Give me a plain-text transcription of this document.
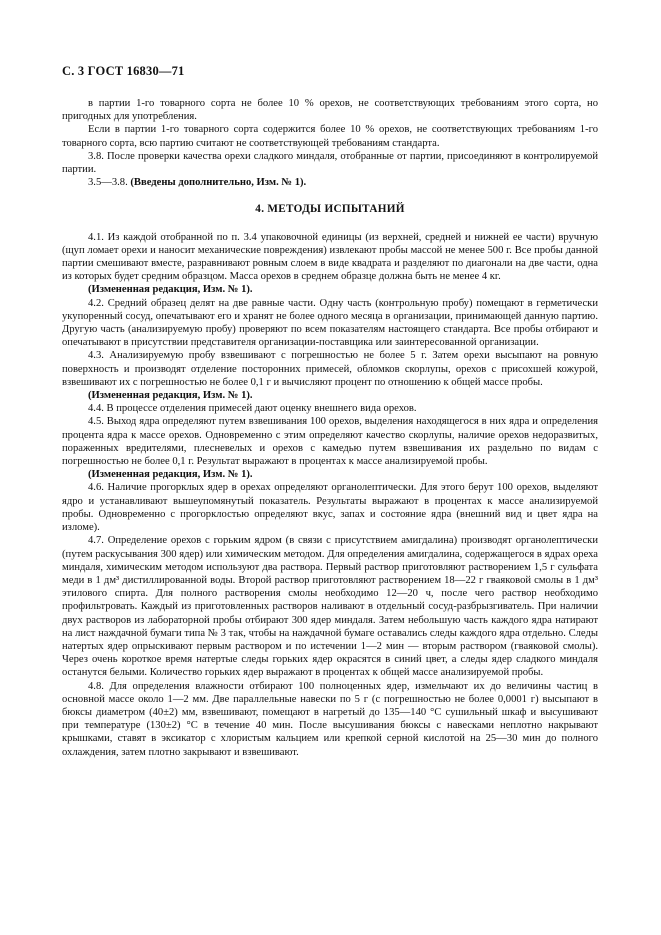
С. 3 ГОСТ 16830—71

в партии 1-го товарного сорта не более 10 % орехов, не соответствующих требованиям этого сорта, но пригодных для употребления.

Если в партии 1-го товарного сорта содержится более 10 % орехов, не соответствующих требованиям 1-го товарного сорта, всю партию считают не соответствующей требованиям стандарта.

3.8. После проверки качества орехи сладкого миндаля, отобранные от партии, присоединяют в контролируемой партии.

3.5—3.8. (Введены дополнительно, Изм. № 1).

4. МЕТОДЫ ИСПЫТАНИЙ

4.1. Из каждой отобранной по п. 3.4 упаковочной единицы (из верхней, средней и нижней ее части) вручную (щуп ломает орехи и наносит механические повреждения) извлекают пробы массой не менее 500 г. Все пробы данной партии смешивают вместе, разравнивают ровным слоем в виде квадрата и разделяют по диагонали на две части, одна из которых будет средним образцом. Масса орехов в среднем образце должна быть не менее 4 кг.

(Измененная редакция, Изм. № 1).

4.2. Средний образец делят на две равные части. Одну часть (контрольную пробу) помещают в герметически укупоренный сосуд, опечатывают его и хранят не более одного месяца в организации, принимающей данную партию. Другую часть (анализируемую пробу) проверяют по всем показателям настоящего стандарта. Все пробы отбирают и опечатывают в присутствии представителя организации-поставщика или заинтересованной организации.

4.3. Анализируемую пробу взвешивают с погрешностью не более 5 г. Затем орехи высыпают на ровную поверхность и производят отделение посторонних примесей, обломков скорлупы, орехов с присохшей кожурой, взвешивают их с погрешностью не более 0,1 г и вычисляют процент по отношению к общей массе пробы.

(Измененная редакция, Изм. № 1).

4.4. В процессе отделения примесей дают оценку внешнего вида орехов.

4.5. Выход ядра определяют путем взвешивания 100 орехов, выделения находящегося в них ядра и определения процента ядра к массе орехов. Одновременно с этим определяют качество скорлупы, наличие орехов недоразвитых, пораженных вредителями, плесневелых и орехов с камедью путем взвешивания их раздельно по видам с погрешностью не более 0,1 г. Результат выражают в процентах к массе анализируемой пробы.

(Измененная редакция, Изм. № 1).

4.6. Наличие прогорклых ядер в орехах определяют органолептически. Для этого берут 100 орехов, выделяют ядро и устанавливают вышеупомянутый показатель. Результаты выражают в процентах к массе анализируемой пробы. Одновременно с прогорклостью определяют вкус, запах и состояние ядра (внешний вид и цвет ядра на изломе).

4.7. Определение орехов с горьким ядром (в связи с присутствием амигдалина) производят органолептически (путем раскусывания 300 ядер) или химическим методом. Для определения амигдалина, содержащегося в ядрах ореха миндаля, химическим методом используют два раствора. Первый раствор приготовляют растворением 1,5 г сульфата меди в 1 дм³ дистиллированной воды. Второй раствор приготовляют растворением 18—22 г гваяковой смолы в 1 дм³ этилового спирта. Для полного растворения смолы необходимо 12—20 ч, после чего раствор необходимо профильтровать. Каждый из приготовленных растворов наливают в отдельный сосуд-разбрызгиватель. При наличии двух растворов из лабораторной пробы отбирают 300 ядер миндаля. Затем небольшую часть каждого ядра натирают на лист наждачной бумаги типа № 3 так, чтобы на наждачной бумаге оставались следы каждого ядра отдельно. Следы натертых ядер опрыскивают первым раствором и по истечении 1—2 мин — вторым раствором (гваяковой смолы). Через очень короткое время натертые следы горьких ядер окрасятся в синий цвет, а следы ядер сладкого миндаля останутся белыми. Количество горьких ядер выражают в процентах к общей массе анализируемой пробы.

4.8. Для определения влажности отбирают 100 полноценных ядер, измельчают их до величины частиц в основной массе около 1—2 мм. Две параллельные навески по 5 г (с погрешностью не более 0,0001 г) высыпают в бюксы диаметром (40±2) мм, взвешивают, помещают в нагретый до 135—140 °С сушильный шкаф и высушивают при температуре (130±2) °С в течение 40 мин. После высушивания бюксы с навесками неплотно накрывают крышками, ставят в эксикатор с хлористым кальцием или крепкой серной кислотой на 25—30 мин до полного охлаждения, затем плотно закрывают и взвешивают.
